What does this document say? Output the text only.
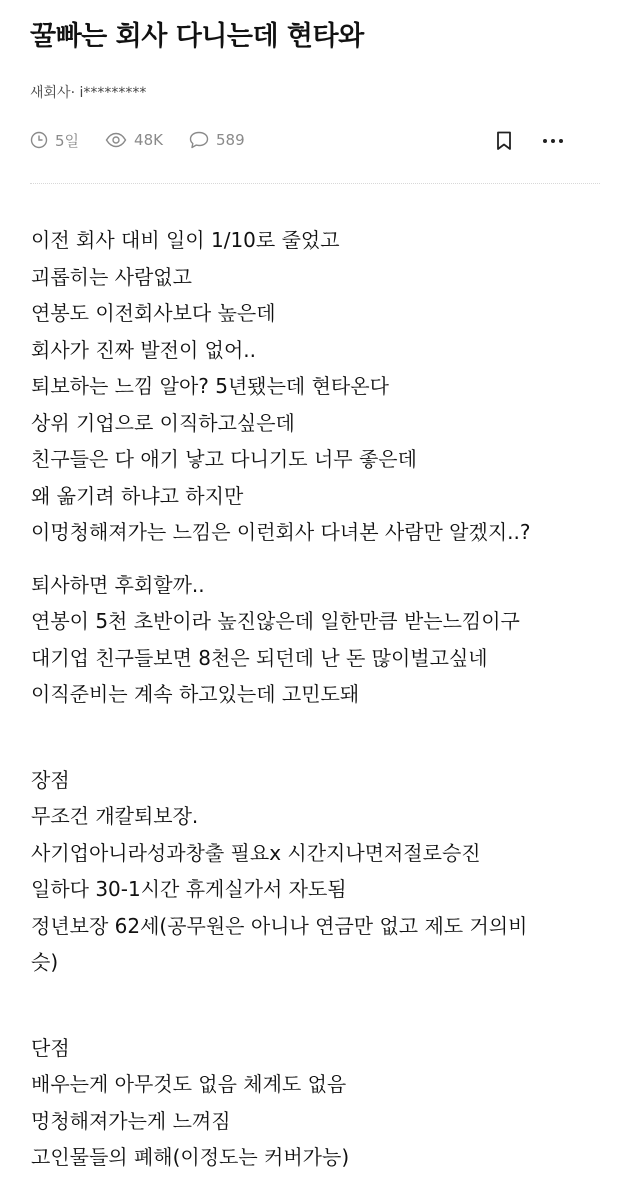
꿀빠는 회사 다니는데 현타와
새회사· i*********
5일	48K	589
이전 회사 대비 일이 1/10로 줄었고
괴롭히는 사람없고
연봉도 이전회사보다 높은데
회사가 진짜 발전이 없어..
퇴보하는 느낌 알아? 5년됐는데 현타온다
상위 기업으로 이직하고싶은데
친구들은 다 애기 낳고 다니기도 너무 좋은데
왜 옮기려 하냐고 하지만
이멍청해져가는 느낌은 이런회사 다녀본 사람만 알겠지..?
퇴사하면 후회할까..
연봉이 5천 초반이라 높진않은데 일한만큼 받는느낌이구
대기업 친구들보면 8천은 되던데 난 돈 많이벌고싶네
이직준비는 계속 하고있는데 고민도돼
장점
무조건 개칼퇴보장.
사기업아니라성과창출 필요x 시간지나면저절로승진
일하다 30-1시간 휴게실가서 자도됨
정년보장 62세(공무원은 아니나 연금만 없고 제도 거의비
슷)
단점
배우는게 아무것도 없음 체계도 없음
멍청해져가는게 느껴짐
고인물들의 폐해(이정도는 커버가능)
